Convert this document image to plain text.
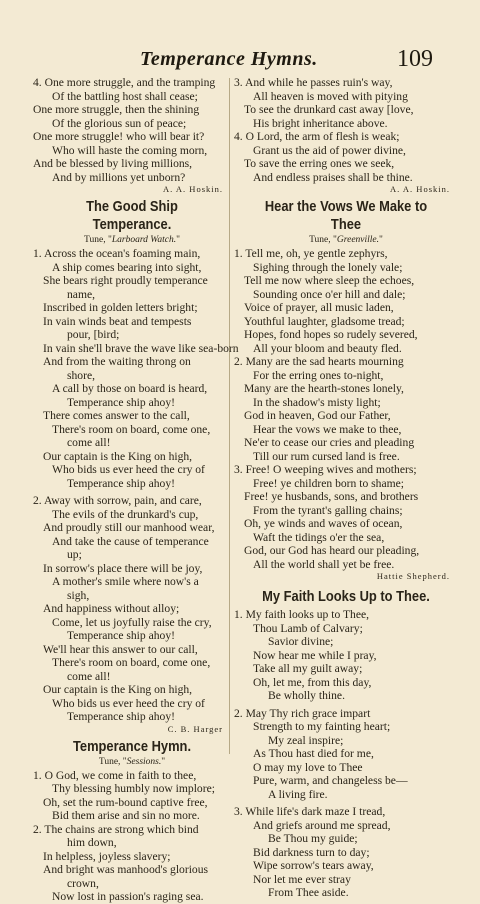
Temperance Hymns.	109
4. One more struggle, and the tramping
Of the battling host shall cease;
One more struggle, then the shining
Of the glorious sun of peace;
One more struggle! who will bear it?
Who will haste the coming morn,
And be blessed by living millions,
And by millions yet unborn?
A. A. Hoskin.
The Good Ship Temperance.
Tune, "Larboard Watch."
1. Across the ocean's foaming main,
A ship comes bearing into sight,
She bears right proudly temperance
name,
Inscribed in golden letters bright;
In vain winds beat and tempests
pour, [bird;
In vain she'll brave the wave like sea-born
And from the waiting throng on
shore,
A call by those on board is heard,
Temperance ship ahoy!
There comes answer to the call,
There's room on board, come one,
come all!
Our captain is the King on high,
Who bids us ever heed the cry of
Temperance ship ahoy!
2. Away with sorrow, pain, and care,
The evils of the drunkard's cup,
And proudly still our manhood wear,
And take the cause of temperance
up;
In sorrow's place there will be joy,
A mother's smile where now's a
sigh,
And happiness without alloy;
Come, let us joyfully raise the cry,
Temperance ship ahoy!
We'll hear this answer to our call,
There's room on board, come one,
come all!
Our captain is the King on high,
Who bids us ever heed the cry of
Temperance ship ahoy!
C. B. Harger
Temperance Hymn.
Tune, "Sessions."
1. O God, we come in faith to thee,
Thy blessing humbly now implore;
Oh, set the rum-bound captive free,
Bid them arise and sin no more.
2. The chains are strong which bind
him down,
In helpless, joyless slavery;
And bright was manhood's glorious
crown,
Now lost in passion's raging sea.
3. And while he passes ruin's way,
All heaven is moved with pitying
To see the drunkard cast away [love,
His bright inheritance above.
4. O Lord, the arm of flesh is weak;
Grant us the aid of power divine,
To save the erring ones we seek,
And endless praises shall be thine.
A. A. Hoskin.
Hear the Vows We Make to Thee
Tune, "Greenville."
1. Tell me, oh, ye gentle zephyrs,
Sighing through the lonely vale;
Tell me now where sleep the echoes,
Sounding once o'er hill and dale;
Voice of prayer, all music laden,
Youthful laughter, gladsome tread;
Hopes, fond hopes so rudely severed,
All your bloom and beauty fled.
2. Many are the sad hearts mourning
For the erring ones to-night,
Many are the hearth-stones lonely,
In the shadow's misty light;
God in heaven, God our Father,
Hear the vows we make to thee,
Ne'er to cease our cries and pleading
Till our rum cursed land is free.
3. Free! O weeping wives and mothers;
Free! ye children born to shame;
Free! ye husbands, sons, and brothers
From the tyrant's galling chains;
Oh, ye winds and waves of ocean,
Waft the tidings o'er the sea,
God, our God has heard our pleading,
All the world shall yet be free.
Hattie Shepherd.
My Faith Looks Up to Thee.
1. My faith looks up to Thee,
Thou Lamb of Calvary;
Savior divine;
Now hear me while I pray,
Take all my guilt away;
Oh, let me, from this day,
Be wholly thine.
2. May Thy rich grace impart
Strength to my fainting heart;
My zeal inspire;
As Thou hast died for me,
O may my love to Thee
Pure, warm, and changeless be—
A living fire.
3. While life's dark maze I tread,
And griefs around me spread,
Be Thou my guide;
Bid darkness turn to day;
Wipe sorrow's tears away,
Nor let me ever stray
From Thee aside.
